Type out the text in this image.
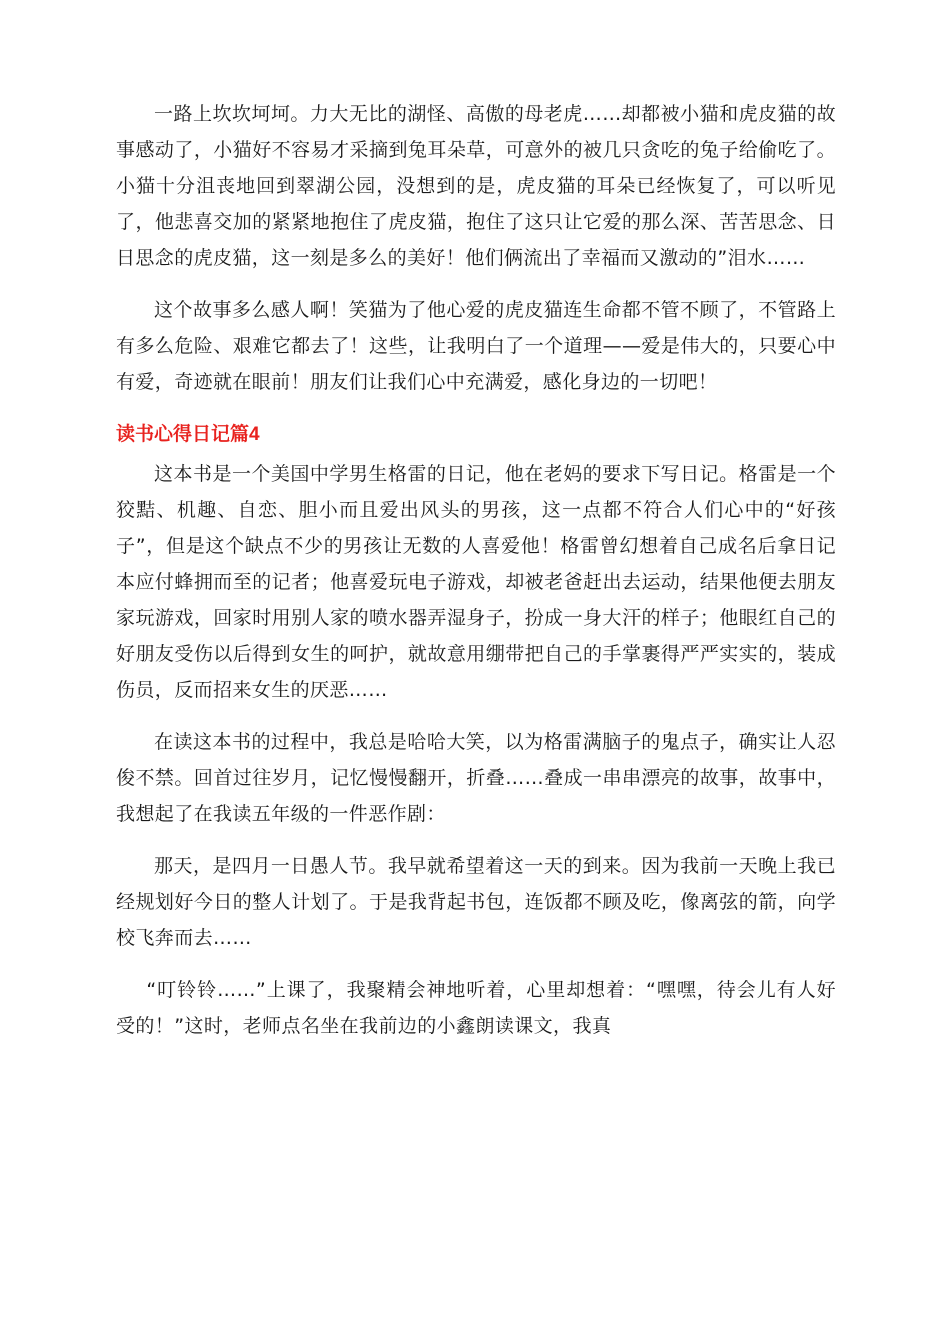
一路上坎坎坷坷。力大无比的湖怪、高傲的母老虎……却都被小猫和虎皮猫的故事感动了，小猫好不容易才采摘到兔耳朵草，可意外的被几只贪吃的兔子给偷吃了。小猫十分沮丧地回到翠湖公园，没想到的是，虎皮猫的耳朵已经恢复了，可以听见了，他悲喜交加的紧紧地抱住了虎皮猫，抱住了这只让它爱的那么深、苦苦思念、日日思念的虎皮猫，这一刻是多么的美好！他们俩流出了幸福而又激动的”泪水……

这个故事多么感人啊！笑猫为了他心爱的虎皮猫连生命都不管不顾了，不管路上有多么危险、艰难它都去了！这些，让我明白了一个道理——爱是伟大的，只要心中有爱，奇迹就在眼前！朋友们让我们心中充满爱，感化身边的一切吧！

读书心得日记篇4

这本书是一个美国中学男生格雷的日记，他在老妈的要求下写日记。格雷是一个狡黠、机趣、自恋、胆小而且爱出风头的男孩，这一点都不符合人们心中的“好孩子”，但是这个缺点不少的男孩让无数的人喜爱他！格雷曾幻想着自己成名后拿日记本应付蜂拥而至的记者；他喜爱玩电子游戏，却被老爸赶出去运动，结果他便去朋友家玩游戏，回家时用别人家的喷水器弄湿身子，扮成一身大汗的样子；他眼红自己的好朋友受伤以后得到女生的呵护，就故意用绷带把自己的手掌裹得严严实实的，装成伤员，反而招来女生的厌恶……

在读这本书的过程中，我总是哈哈大笑，以为格雷满脑子的鬼点子，确实让人忍俊不禁。回首过往岁月，记忆慢慢翻开，折叠……叠成一串串漂亮的故事，故事中，我想起了在我读五年级的一件恶作剧：

那天，是四月一日愚人节。我早就希望着这一天的到来。因为我前一天晚上我已经规划好今日的整人计划了。于是我背起书包，连饭都不顾及吃，像离弦的箭，向学校飞奔而去……

“叮铃铃……”上课了，我聚精会神地听着，心里却想着：“嘿嘿，待会儿有人好受的！”这时，老师点名坐在我前边的小鑫朗读课文，我真
